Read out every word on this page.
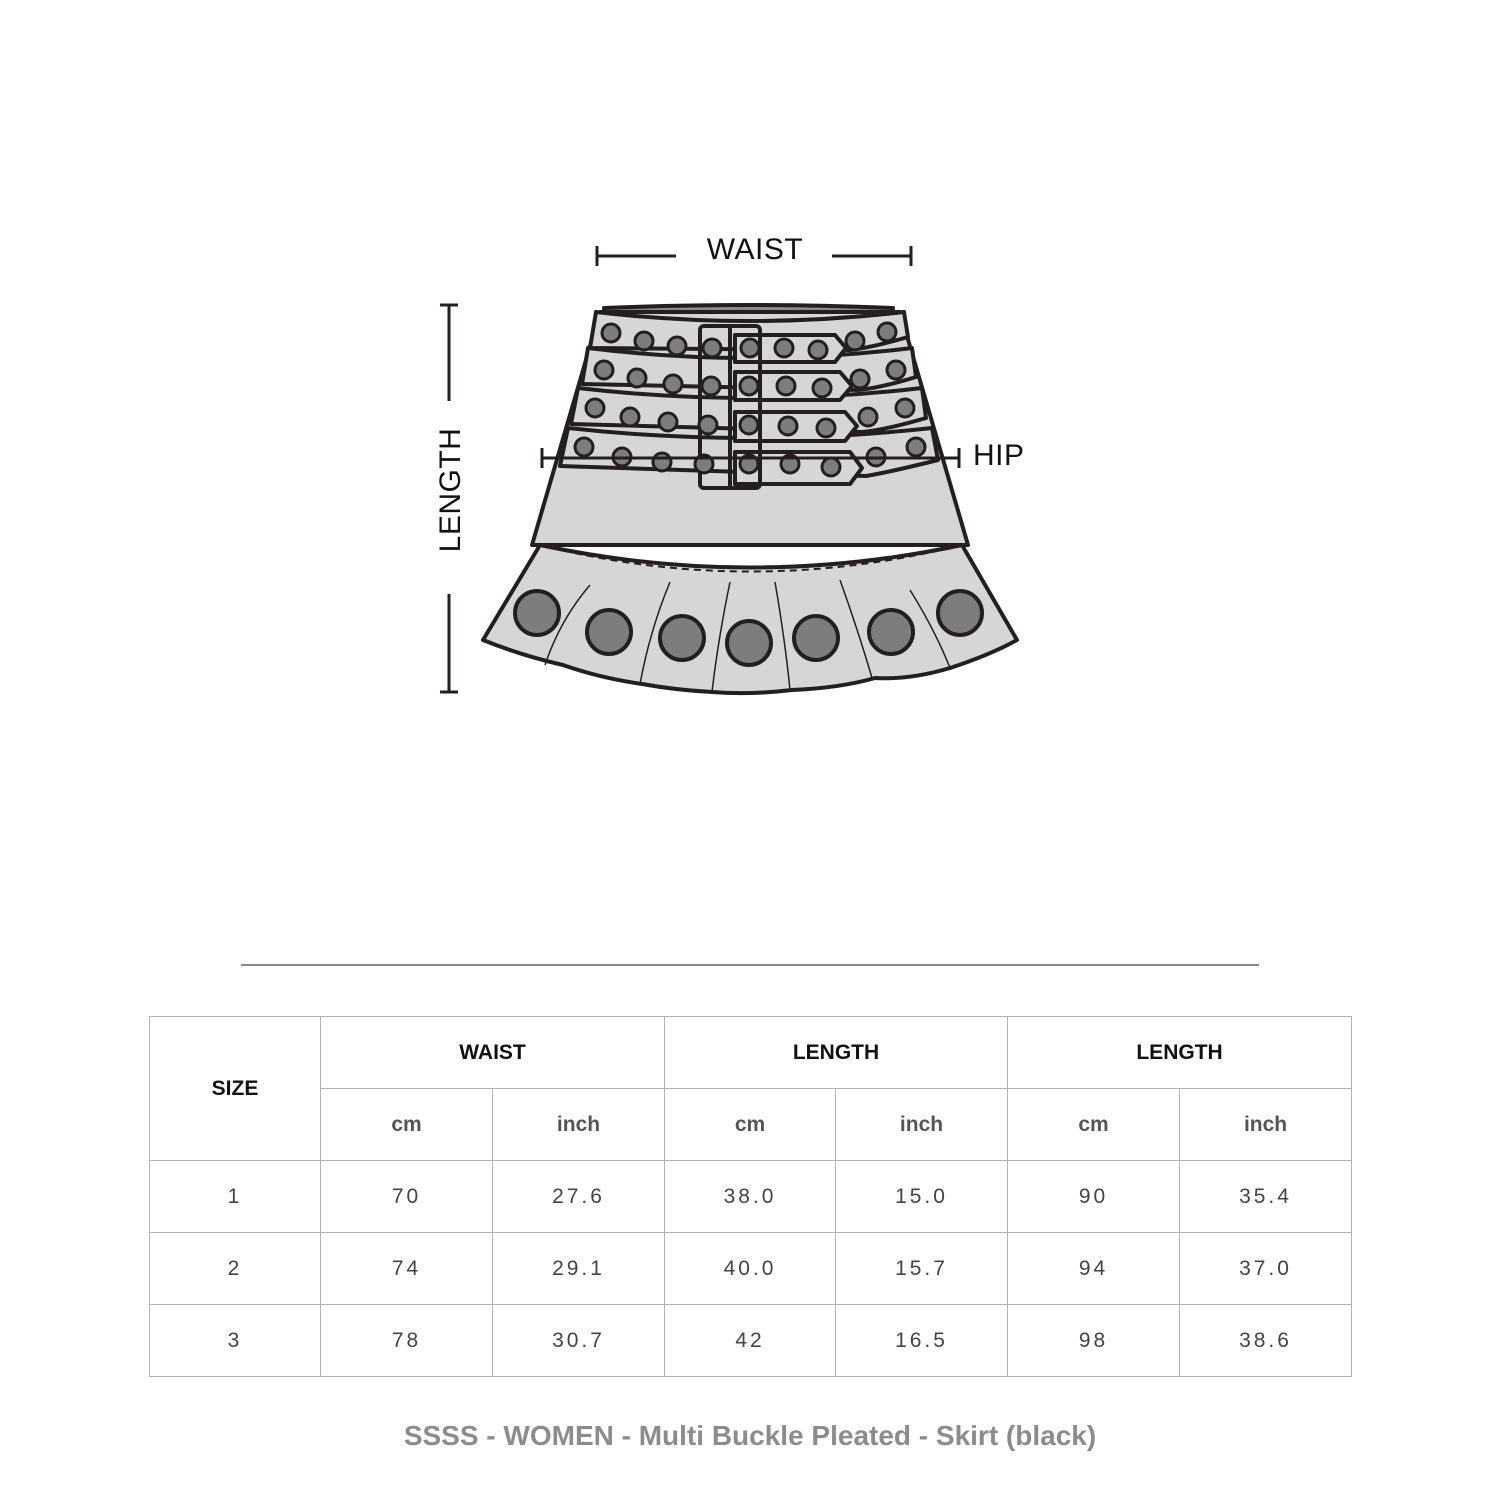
WAIST
HIP
LENGTH
SIZE	WAIST		LENGTH		LENGTH	
	cm	inch	cm	inch	cm	inch
1	70	27.6	38.0	15.0	90	35.4
2	74	29.1	40.0	15.7	94	37.0
3	78	30.7	42	16.5	98	38.6
SSSS - WOMEN - Multi Buckle Pleated - Skirt (black)
